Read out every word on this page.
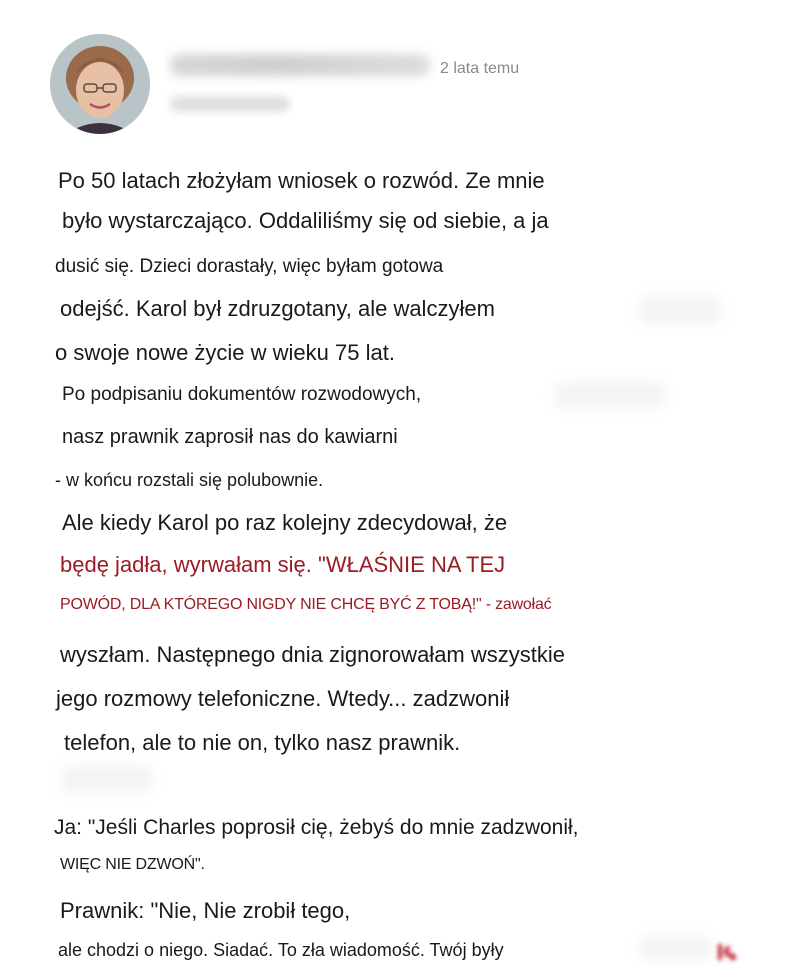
2 lata temu
Po 50 latach złożyłam wniosek o rozwód. Ze mnie
było wystarczająco. Oddaliliśmy się od siebie, a ja
dusić się. Dzieci dorastały, więc byłam gotowa
odejść. Karol był zdruzgotany, ale walczyłem
o swoje nowe życie w wieku 75 lat.
Po podpisaniu dokumentów rozwodowych,
nasz prawnik zaprosił nas do kawiarni
- w końcu rozstali się polubownie.
Ale kiedy Karol po raz kolejny zdecydował, że
będę jadła, wyrwałam się. "WŁAŚNIE NA TEJ
POWÓD, DLA KTÓREGO NIGDY NIE CHCĘ BYĆ Z TOBĄ!" - zawołać
wyszłam. Następnego dnia zignorowałam wszystkie
jego rozmowy telefoniczne. Wtedy... zadzwonił
telefon, ale to nie on, tylko nasz prawnik.
Ja: "Jeśli Charles poprosił cię, żebyś do mnie zadzwonił,
WIĘC NIE DZWOŃ".
Prawnik: "Nie, Nie zrobił tego,
ale chodzi o niego. Siadać. To zła wiadomość. Twój były
